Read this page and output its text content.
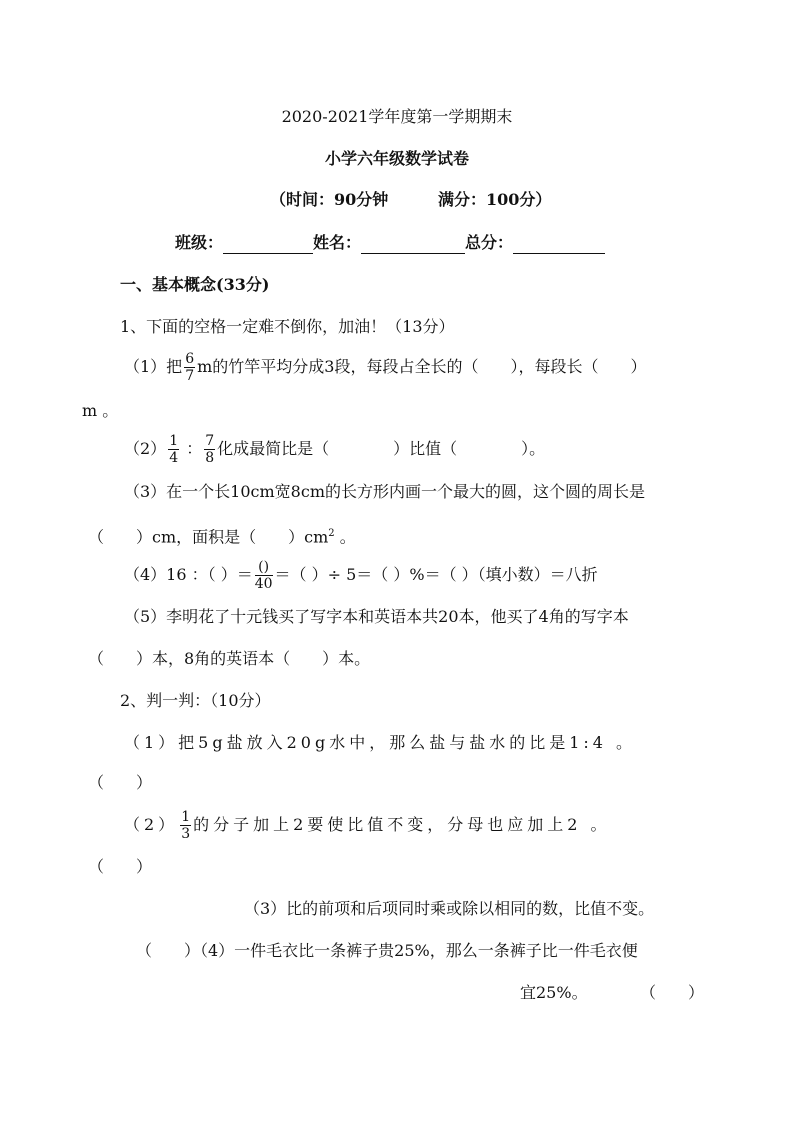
2020-2021学年度第一学期期末
小学六年级数学试卷
（时间：90分钟	满分：100分）
班级：	姓名：	总分：
一、基本概念(33分)
1、下面的空格一定难不倒你，加油！（13分）
（1）把 $\frac{6}{7}$ m的竹竿平均分成3段，每段占全长的（　　），每段长（　　）
m 。
$(2) \frac{1}{4}$ ： $\frac{7}{8}$ 化成最简比是（　　　　）比值（　　　　）。
（3）在一个长10cm宽8cm的长方形内画一个最大的圆，这个圆的周长是
（　　）cm，面积是（　　）$cm^2$ 。
（4）16 ：（ ）＝ $\frac{()}{40}$ ＝（ ）÷ 5＝（ ）%＝（ ）（填小数）＝八折
（5）李明花了十元钱买了写字本和英语本共20本，他买了4角的写字本
（　　）本，8角的英语本（　　）本。
2、判一判：（10分）
（1）把5g盐放入20g水中，那么盐与盐水的比是1:4 。
（　　）
$(2) \frac{1}{3}$ 的分子加上2要使比值不变，分母也应加上2 。
（　　）
（3）比的前项和后项同时乘或除以相同的数，比值不变。
（　　）（4）一件毛衣比一条裤子贵25%，那么一条裤子比一件毛衣便
宜25%。	（　　）
